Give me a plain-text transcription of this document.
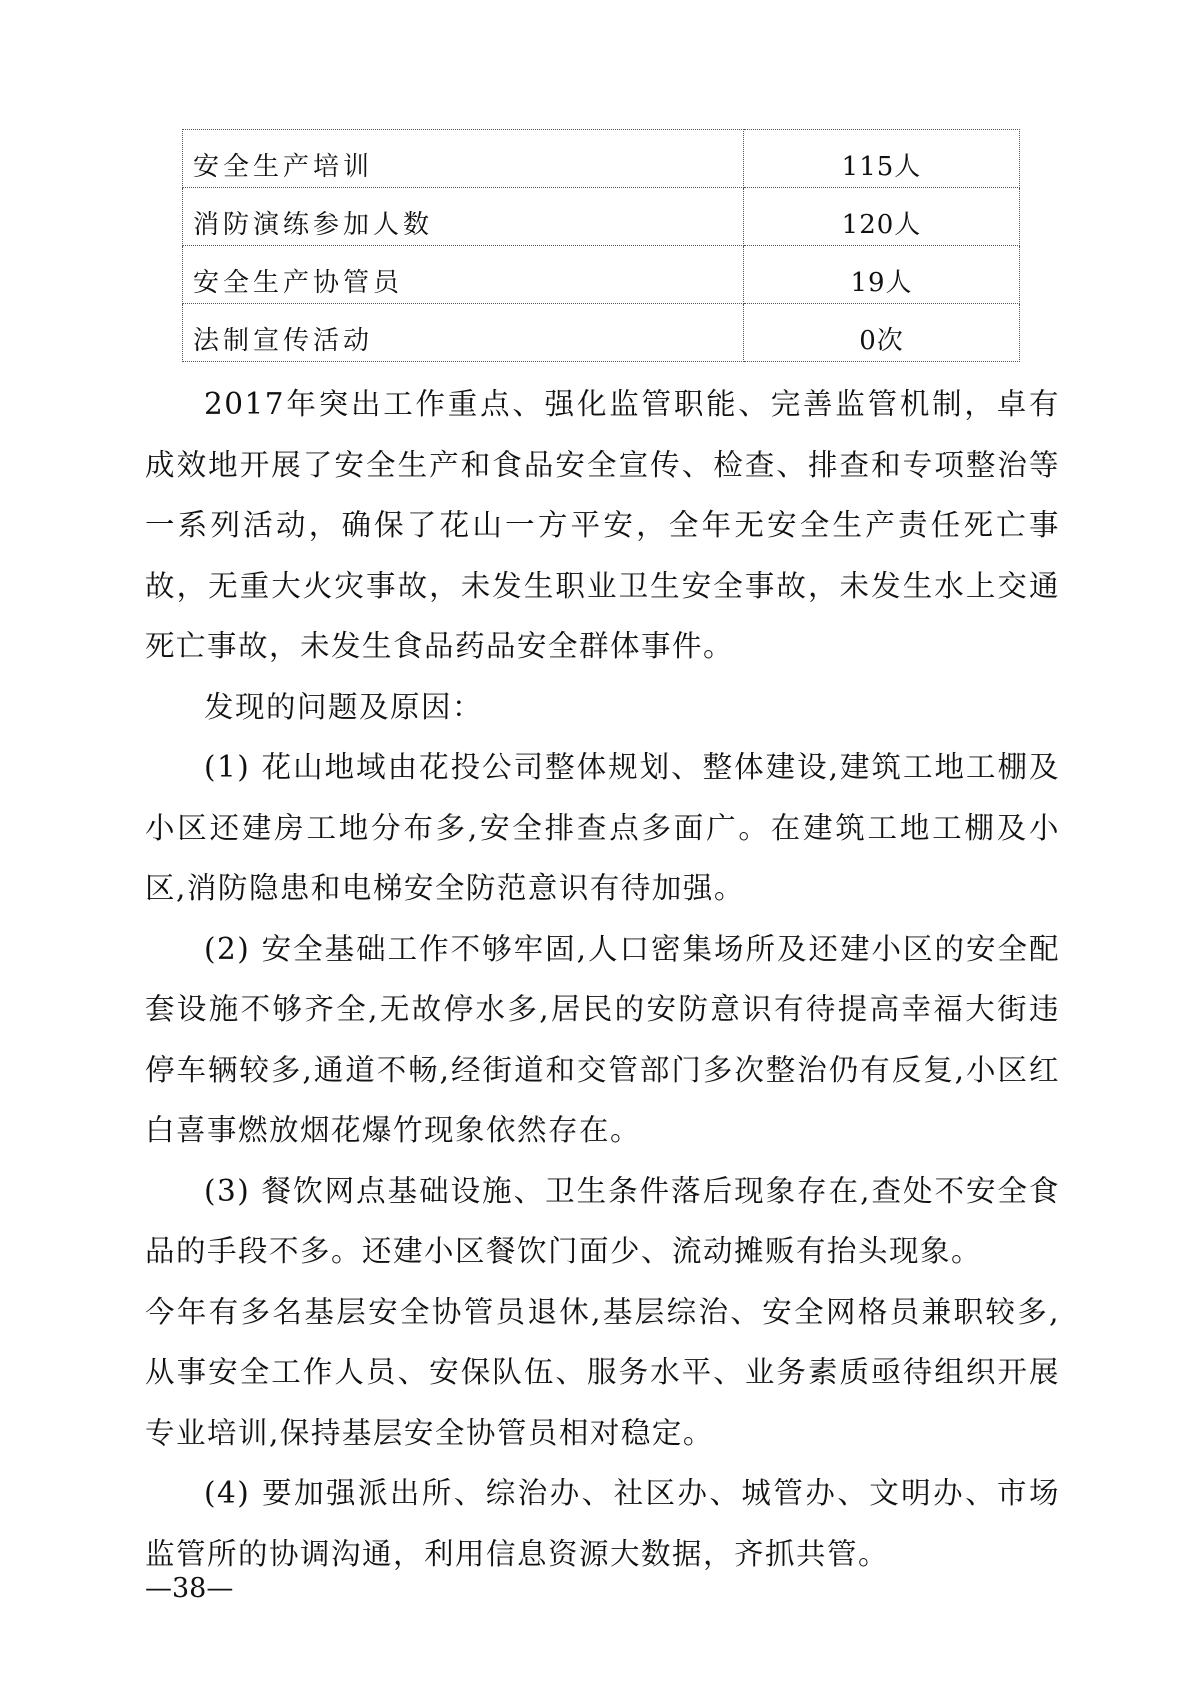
安全生产培训	115人
消防演练参加人数	120人
安全生产协管员	19人
法制宣传活动	0次

2017年突出工作重点、强化监管职能、完善监管机制，卓有成效地开展了安全生产和食品安全宣传、检查、排查和专项整治等一系列活动，确保了花山一方平安，全年无安全生产责任死亡事故，无重大火灾事故，未发生职业卫生安全事故，未发生水上交通死亡事故，未发生食品药品安全群体事件。

发现的问题及原因：

(1) 花山地域由花投公司整体规划、整体建设,建筑工地工棚及小区还建房工地分布多,安全排查点多面广。在建筑工地工棚及小区,消防隐患和电梯安全防范意识有待加强。

(2) 安全基础工作不够牢固,人口密集场所及还建小区的安全配套设施不够齐全,无故停水多,居民的安防意识有待提高幸福大街违停车辆较多,通道不畅,经街道和交管部门多次整治仍有反复,小区红白喜事燃放烟花爆竹现象依然存在。

(3) 餐饮网点基础设施、卫生条件落后现象存在,查处不安全食品的手段不多。还建小区餐饮门面少、流动摊贩有抬头现象。

今年有多名基层安全协管员退休,基层综治、安全网格员兼职较多,从事安全工作人员、安保队伍、服务水平、业务素质亟待组织开展专业培训,保持基层安全协管员相对稳定。

(4) 要加强派出所、综治办、社区办、城管办、文明办、市场监管所的协调沟通，利用信息资源大数据，齐抓共管。

—38—
